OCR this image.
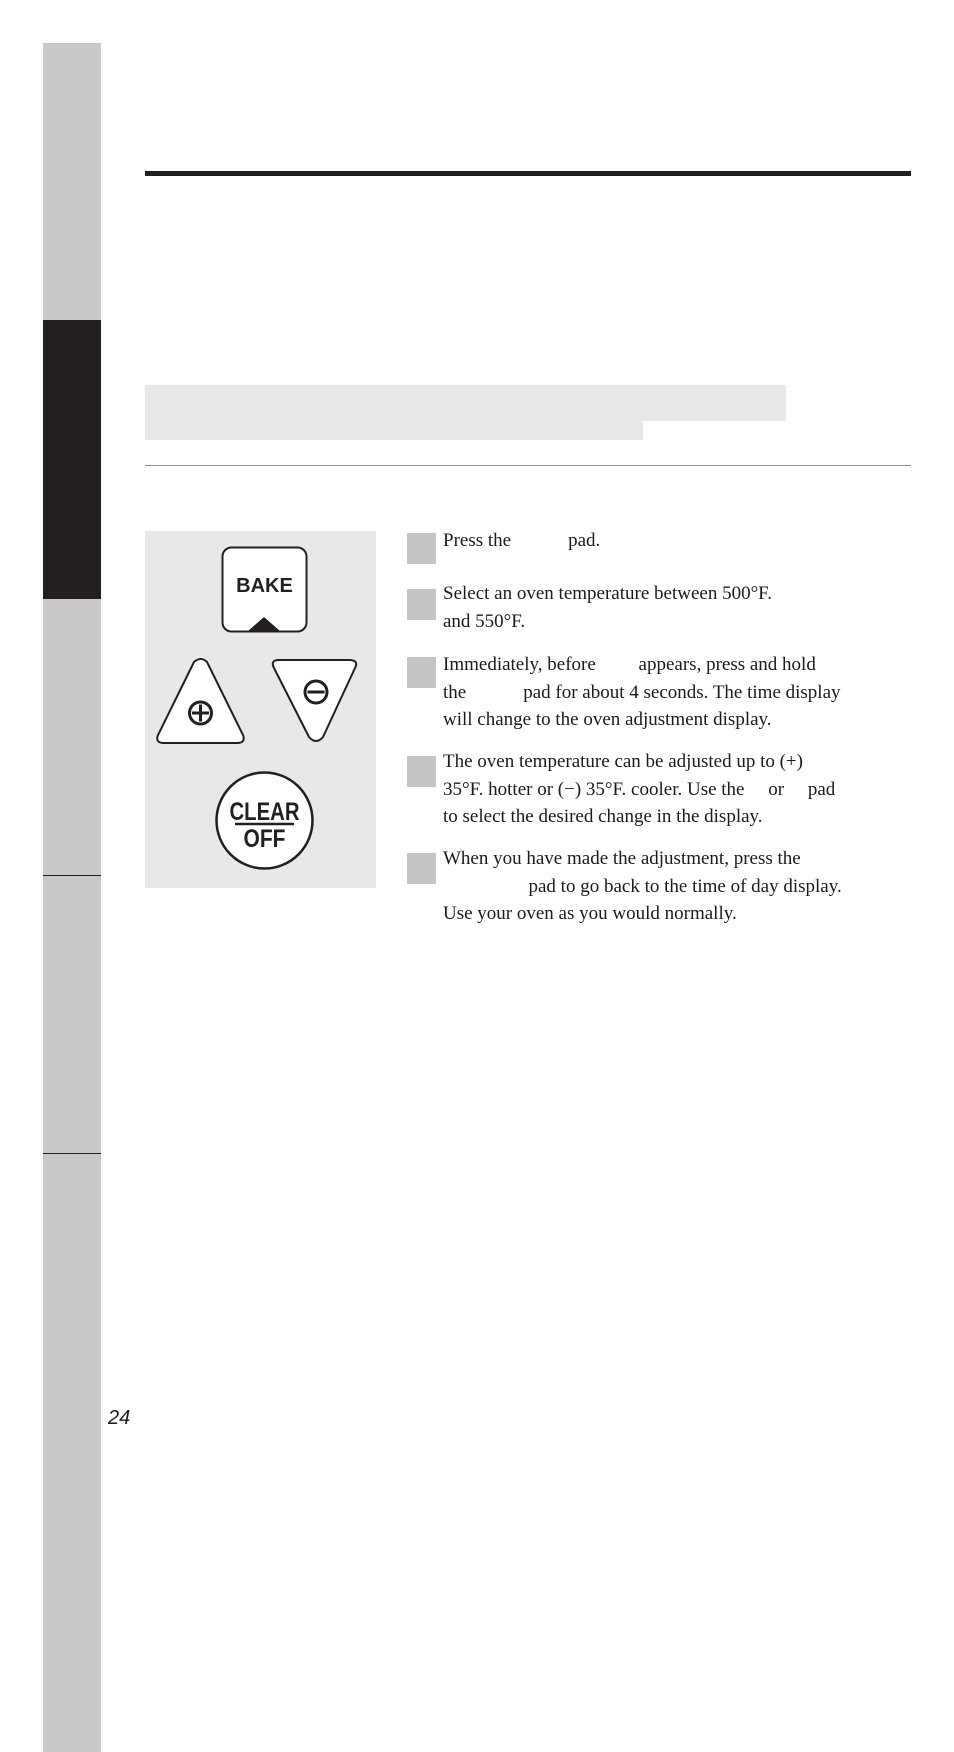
BAKE
CLEAR
OFF
Press the            pad.
Select an oven temperature between 500°F.
and 550°F.
Immediately, before         appears, press and hold
the            pad for about 4 seconds. The time display
will change to the oven adjustment display.
The oven temperature can be adjusted up to (+)
35°F. hotter or (−) 35°F. cooler. Use the     or     pad
to select the desired change in the display.
When you have made the adjustment, press the
pad to go back to the time of day display.
Use your oven as you would normally.
24
